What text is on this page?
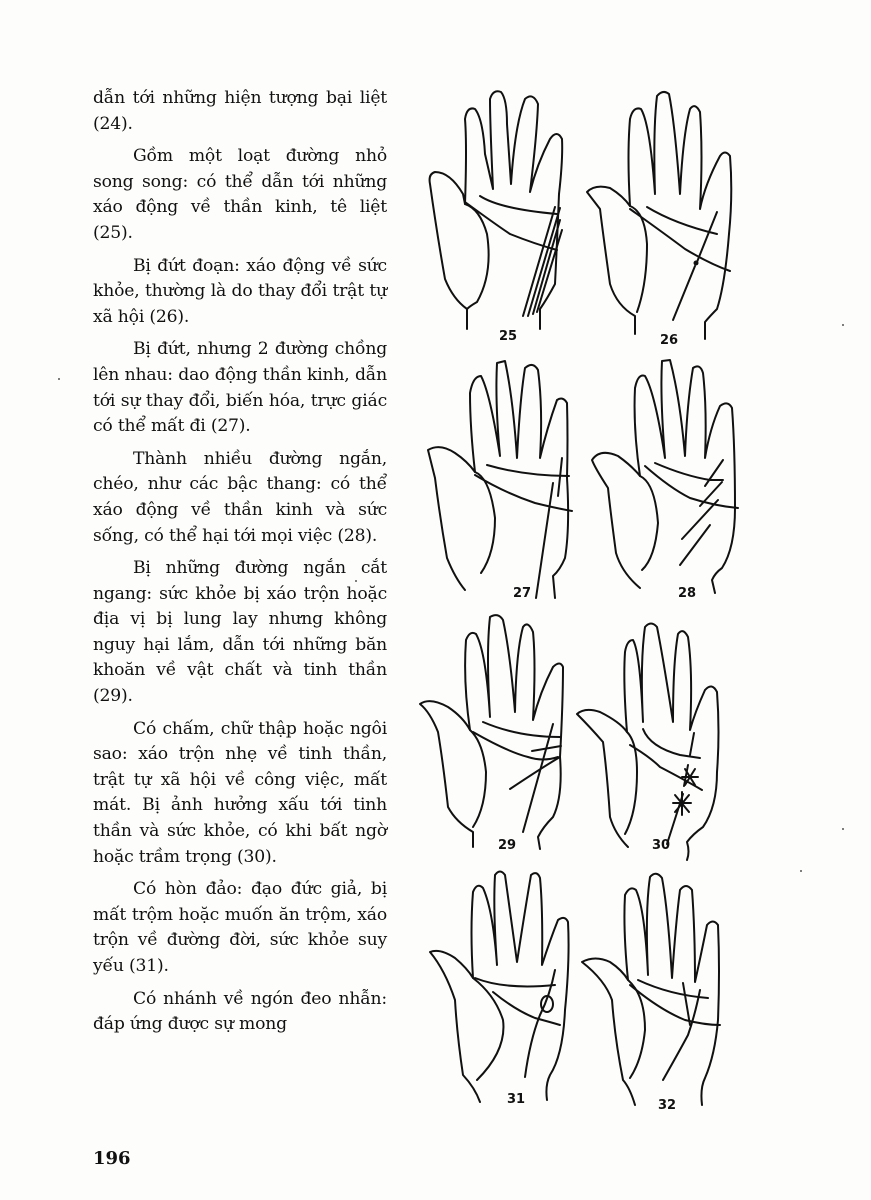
dẫn tới những hiện tượng bại liệt (24).

Gồm một loạt đường nhỏ song song: có thể dẫn tới những xáo động về thần kinh, tê liệt (25).

Bị đứt đoạn: xáo động về sức khỏe, thường là do thay đổi trật tự xã hội (26).

Bị đứt, nhưng 2 đường chồng lên nhau: dao động thần kinh, dẫn tới sự thay đổi, biến hóa, trực giác có thể mất đi (27).

Thành nhiều đường ngắn, chéo, như các bậc thang: có thể xáo động về thần kinh và sức sống, có thể hại tới mọi việc (28).

Bị những đường ngắn cắt ngang: sức khỏe bị xáo trộn hoặc địa vị bị lung lay nhưng không nguy hại lắm, dẫn tới những băn khoăn về vật chất và tinh thần (29).

Có chấm, chữ thập hoặc ngôi sao: xáo trộn nhẹ về tinh thần, trật tự xã hội về công việc, mất mát. Bị ảnh hưởng xấu tới tinh thần và sức khỏe, có khi bất ngờ hoặc trầm trọng (30).

Có hòn đảo: đạo đức giả, bị mất trộm hoặc muốn ăn trộm, xáo trộn về đường đời, sức khỏe suy yếu (31).

Có nhánh về ngón đeo nhẫn: đáp ứng được sự mong

196
25	26
27	28
29	30
31	32
